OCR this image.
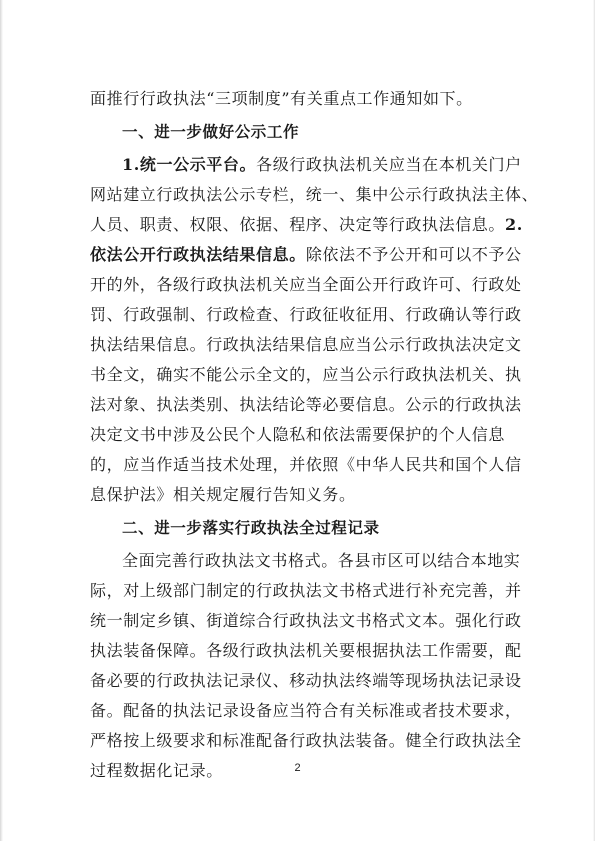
面推行行政执法“三项制度”有关重点工作通知如下。
一、进一步做好公示工作
1.统一公示平台。各级行政执法机关应当在本机关门户
网站建立行政执法公示专栏，统一、集中公示行政执法主体、
人员、职责、权限、依据、程序、决定等行政执法信息。2.
依法公开行政执法结果信息。除依法不予公开和可以不予公
开的外，各级行政执法机关应当全面公开行政许可、行政处
罚、行政强制、行政检查、行政征收征用、行政确认等行政
执法结果信息。行政执法结果信息应当公示行政执法决定文
书全文，确实不能公示全文的，应当公示行政执法机关、执
法对象、执法类别、执法结论等必要信息。公示的行政执法
决定文书中涉及公民个人隐私和依法需要保护的个人信息
的，应当作适当技术处理，并依照《中华人民共和国个人信
息保护法》相关规定履行告知义务。
二、进一步落实行政执法全过程记录
全面完善行政执法文书格式。各县市区可以结合本地实
际，对上级部门制定的行政执法文书格式进行补充完善，并
统一制定乡镇、街道综合行政执法文书格式文本。强化行政
执法装备保障。各级行政执法机关要根据执法工作需要，配
备必要的行政执法记录仪、移动执法终端等现场执法记录设
备。配备的执法记录设备应当符合有关标准或者技术要求，
严格按上级要求和标准配备行政执法装备。健全行政执法全
过程数据化记录。	2
